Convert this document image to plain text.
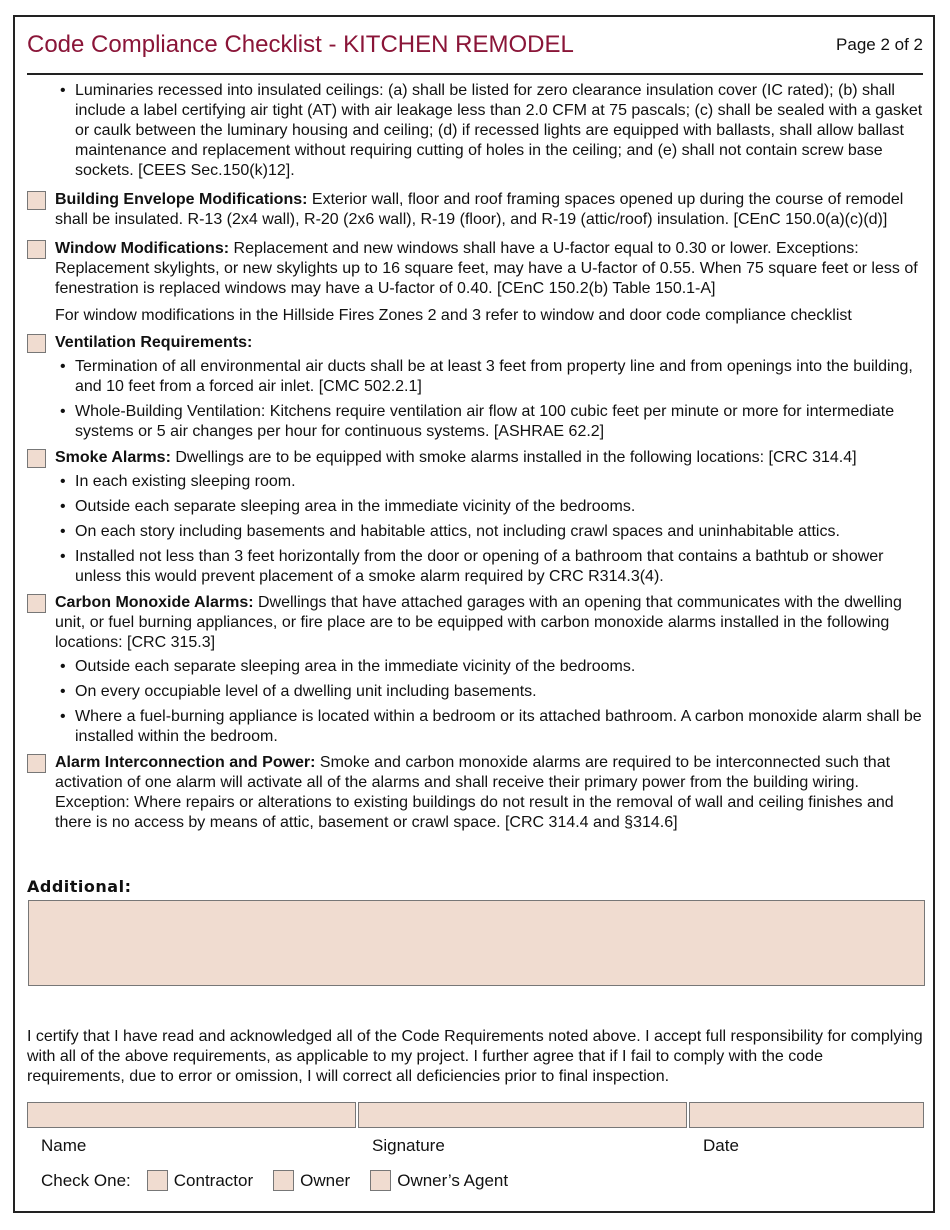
Code Compliance Checklist - KITCHEN REMODEL	Page 2 of 2
• Luminaries recessed into insulated ceilings: (a) shall be listed for zero clearance insulation cover (IC rated); (b) shall include a label certifying air tight (AT) with air leakage less than 2.0 CFM at 75 pascals; (c) shall be sealed with a gasket or caulk between the luminary housing and ceiling; (d) if recessed lights are equipped with ballasts, shall allow ballast maintenance and replacement without requiring cutting of holes in the ceiling; and (e) shall not contain screw base sockets. [CEES Sec.150(k)12].
Building Envelope Modifications: Exterior wall, floor and roof framing spaces opened up during the course of remodel shall be insulated. R-13 (2x4 wall), R-20 (2x6 wall), R-19 (floor), and R-19 (attic/roof) insulation. [CEnC 150.0(a)(c)(d)]
Window Modifications: Replacement and new windows shall have a U-factor equal to 0.30 or lower. Exceptions: Replacement skylights, or new skylights up to 16 square feet, may have a U-factor of 0.55. When 75 square feet or less of fenestration is replaced windows may have a U-factor of 0.40. [CEnC 150.2(b) Table 150.1-A]
For window modifications in the Hillside Fires Zones 2 and 3 refer to window and door code compliance checklist
Ventilation Requirements:
• Termination of all environmental air ducts shall be at least 3 feet from property line and from openings into the building, and 10 feet from a forced air inlet. [CMC 502.2.1]
• Whole-Building Ventilation: Kitchens require ventilation air flow at 100 cubic feet per minute or more for intermediate systems or 5 air changes per hour for continuous systems. [ASHRAE 62.2]
Smoke Alarms: Dwellings are to be equipped with smoke alarms installed in the following locations: [CRC 314.4]
• In each existing sleeping room.
• Outside each separate sleeping area in the immediate vicinity of the bedrooms.
• On each story including basements and habitable attics, not including crawl spaces and uninhabitable attics.
• Installed not less than 3 feet horizontally from the door or opening of a bathroom that contains a bathtub or shower unless this would prevent placement of a smoke alarm required by CRC R314.3(4).
Carbon Monoxide Alarms: Dwellings that have attached garages with an opening that communicates with the dwelling unit, or fuel burning appliances, or fire place are to be equipped with carbon monoxide alarms installed in the following locations: [CRC 315.3]
• Outside each separate sleeping area in the immediate vicinity of the bedrooms.
• On every occupiable level of a dwelling unit including basements.
• Where a fuel-burning appliance is located within a bedroom or its attached bathroom. A carbon monoxide alarm shall be installed within the bedroom.
Alarm Interconnection and Power: Smoke and carbon monoxide alarms are required to be interconnected such that activation of one alarm will activate all of the alarms and shall receive their primary power from the building wiring. Exception: Where repairs or alterations to existing buildings do not result in the removal of wall and ceiling finishes and there is no access by means of attic, basement or crawl space. [CRC 314.4 and §314.6]
Additional:
I certify that I have read and acknowledged all of the Code Requirements noted above. I accept full responsibility for complying with all of the above requirements, as applicable to my project. I further agree that if I fail to comply with the code requirements, due to error or omission, I will correct all deficiencies prior to final inspection.
Name	Signature	Date
Check One:	Contractor	Owner	Owner’s Agent
